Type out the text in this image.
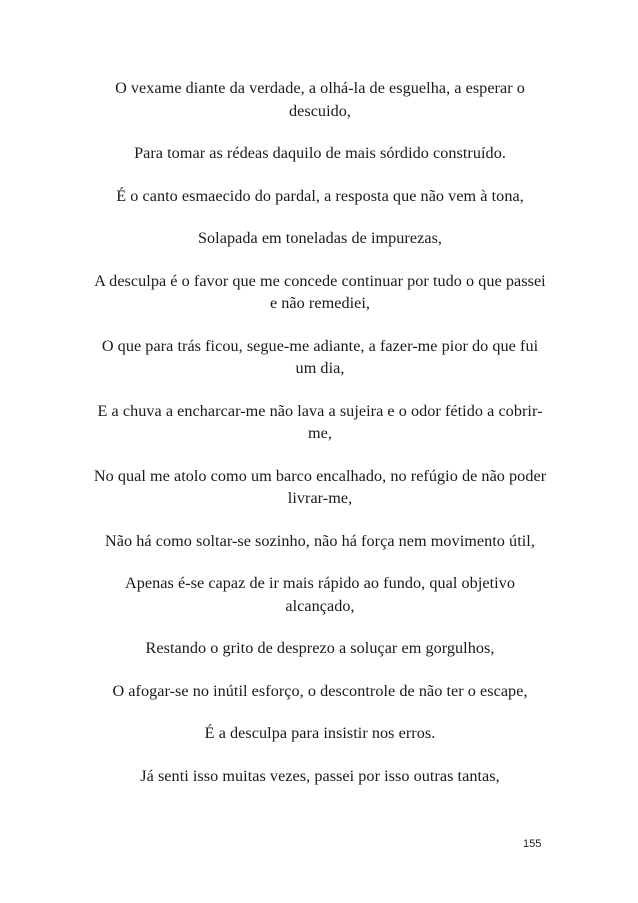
O vexame diante da verdade, a olhá-la de esguelha, a esperar o descuido,

Para tomar as rédeas daquilo de mais sórdido construído.

É o canto esmaecido do pardal, a resposta que não vem à tona,

Solapada em toneladas de impurezas,

A desculpa é o favor que me concede continuar por tudo o que passei e não remediei,

O que para trás ficou, segue-me adiante, a fazer-me pior do que fui um dia,

E a chuva a encharcar-me não lava a sujeira e o odor fétido a cobrir-me,

No qual me atolo como um barco encalhado, no refúgio de não poder livrar-me,

Não há como soltar-se sozinho, não há força nem movimento útil,

Apenas é-se capaz de ir mais rápido ao fundo, qual objetivo alcançado,

Restando o grito de desprezo a soluçar em gorgulhos,

O afogar-se no inútil esforço, o descontrole de não ter o escape,

É a desculpa para insistir nos erros.

Já senti isso muitas vezes, passei por isso outras tantas,

155
